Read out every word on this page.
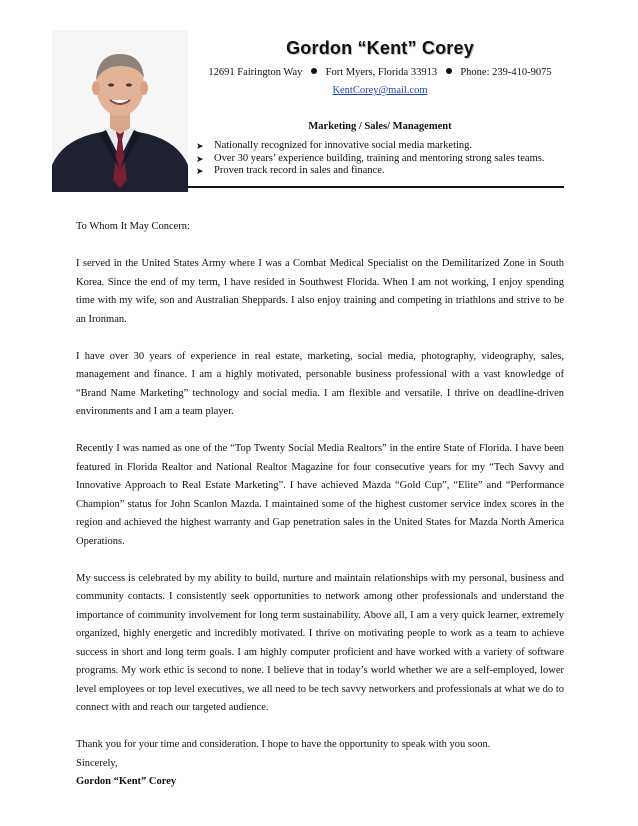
Gordon “Kent” Corey
12691 Fairington Way Fort Myers, Florida 33913 Phone: 239-410-9075
KentCorey@mail.com
Marketing / Sales/ Management
➤ Nationally recognized for innovative social media marketing.
➤ Over 30 years’ experience building, training and mentoring strong sales teams.
➤ Proven track record in sales and finance.

To Whom It May Concern:

I served in the United States Army where I was a Combat Medical Specialist on the Demilitarized Zone in South Korea. Since the end of my term, I have resided in Southwest Florida. When I am not working, I enjoy spending time with my wife, son and Australian Sheppards. I also enjoy training and competing in triathlons and strive to be an Ironman.

I have over 30 years of experience in real estate, marketing, social media, photography, videography, sales, management and finance. I am a highly motivated, personable business professional with a vast knowledge of “Brand Name Marketing” technology and social media. I am flexible and versatile. I thrive on deadline-driven environments and I am a team player.

Recently I was named as one of the “Top Twenty Social Media Realtors” in the entire State of Florida. I have been featured in Florida Realtor and National Realtor Magazine for four consecutive years for my “Tech Savvy and Innovative Approach to Real Estate Marketing”. I have achieved Mazda “Gold Cup”, “Elite” and “Performance Champion” status for John Scanlon Mazda. I maintained some of the highest customer service index scores in the region and achieved the highest warranty and Gap penetration sales in the United States for Mazda North America Operations.

My success is celebrated by my ability to build, nurture and maintain relationships with my personal, business and community contacts. I consistently seek opportunities to network among other professionals and understand the importance of community involvement for long term sustainability. Above all, I am a very quick learner, extremely organized, highly energetic and incredibly motivated. I thrive on motivating people to work as a team to achieve success in short and long term goals. I am highly computer proficient and have worked with a variety of software programs. My work ethic is second to none. I believe that in today’s world whether we are a self-employed, lower level employees or top level executives, we all need to be tech savvy networkers and professionals at what we do to connect with and reach our targeted audience.

Thank you for your time and consideration. I hope to have the opportunity to speak with you soon.

Sincerely,

Gordon “Kent” Corey
